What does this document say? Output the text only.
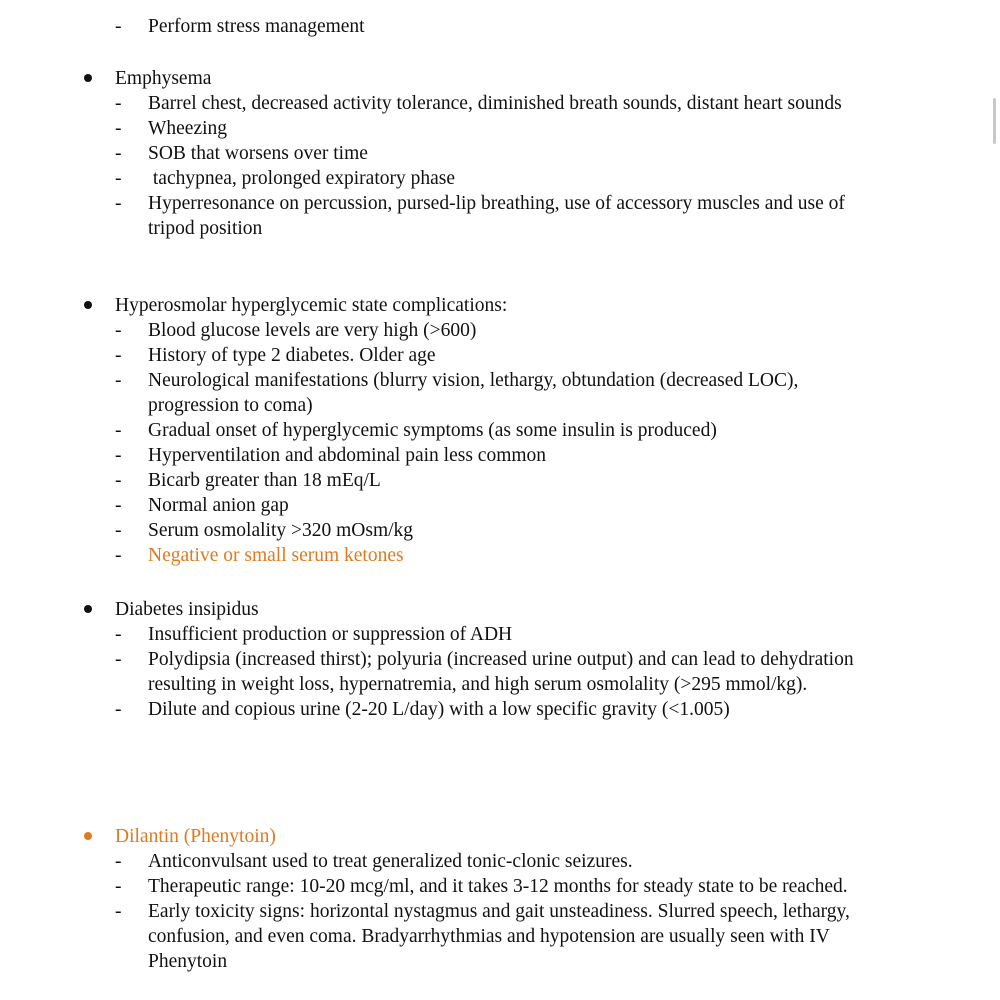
- Perform stress management
Emphysema
- Barrel chest, decreased activity tolerance, diminished breath sounds, distant heart sounds
- Wheezing
- SOB that worsens over time
- tachypnea, prolonged expiratory phase
- Hyperresonance on percussion, pursed-lip breathing, use of accessory muscles and use of tripod position
Hyperosmolar hyperglycemic state complications:
- Blood glucose levels are very high (>600)
- History of type 2 diabetes. Older age
- Neurological manifestations (blurry vision, lethargy, obtundation (decreased LOC), progression to coma)
- Gradual onset of hyperglycemic symptoms (as some insulin is produced)
- Hyperventilation and abdominal pain less common
- Bicarb greater than 18 mEq/L
- Normal anion gap
- Serum osmolality >320 mOsm/kg
- Negative or small serum ketones
Diabetes insipidus
- Insufficient production or suppression of ADH
- Polydipsia (increased thirst); polyuria (increased urine output) and can lead to dehydration resulting in weight loss, hypernatremia, and high serum osmolality (>295 mmol/kg).
- Dilute and copious urine (2-20 L/day) with a low specific gravity (<1.005)
Dilantin (Phenytoin)
- Anticonvulsant used to treat generalized tonic-clonic seizures.
- Therapeutic range: 10-20 mcg/ml, and it takes 3-12 months for steady state to be reached.
- Early toxicity signs: horizontal nystagmus and gait unsteadiness. Slurred speech, lethargy, confusion, and even coma. Bradyarrhythmias and hypotension are usually seen with IV Phenytoin
